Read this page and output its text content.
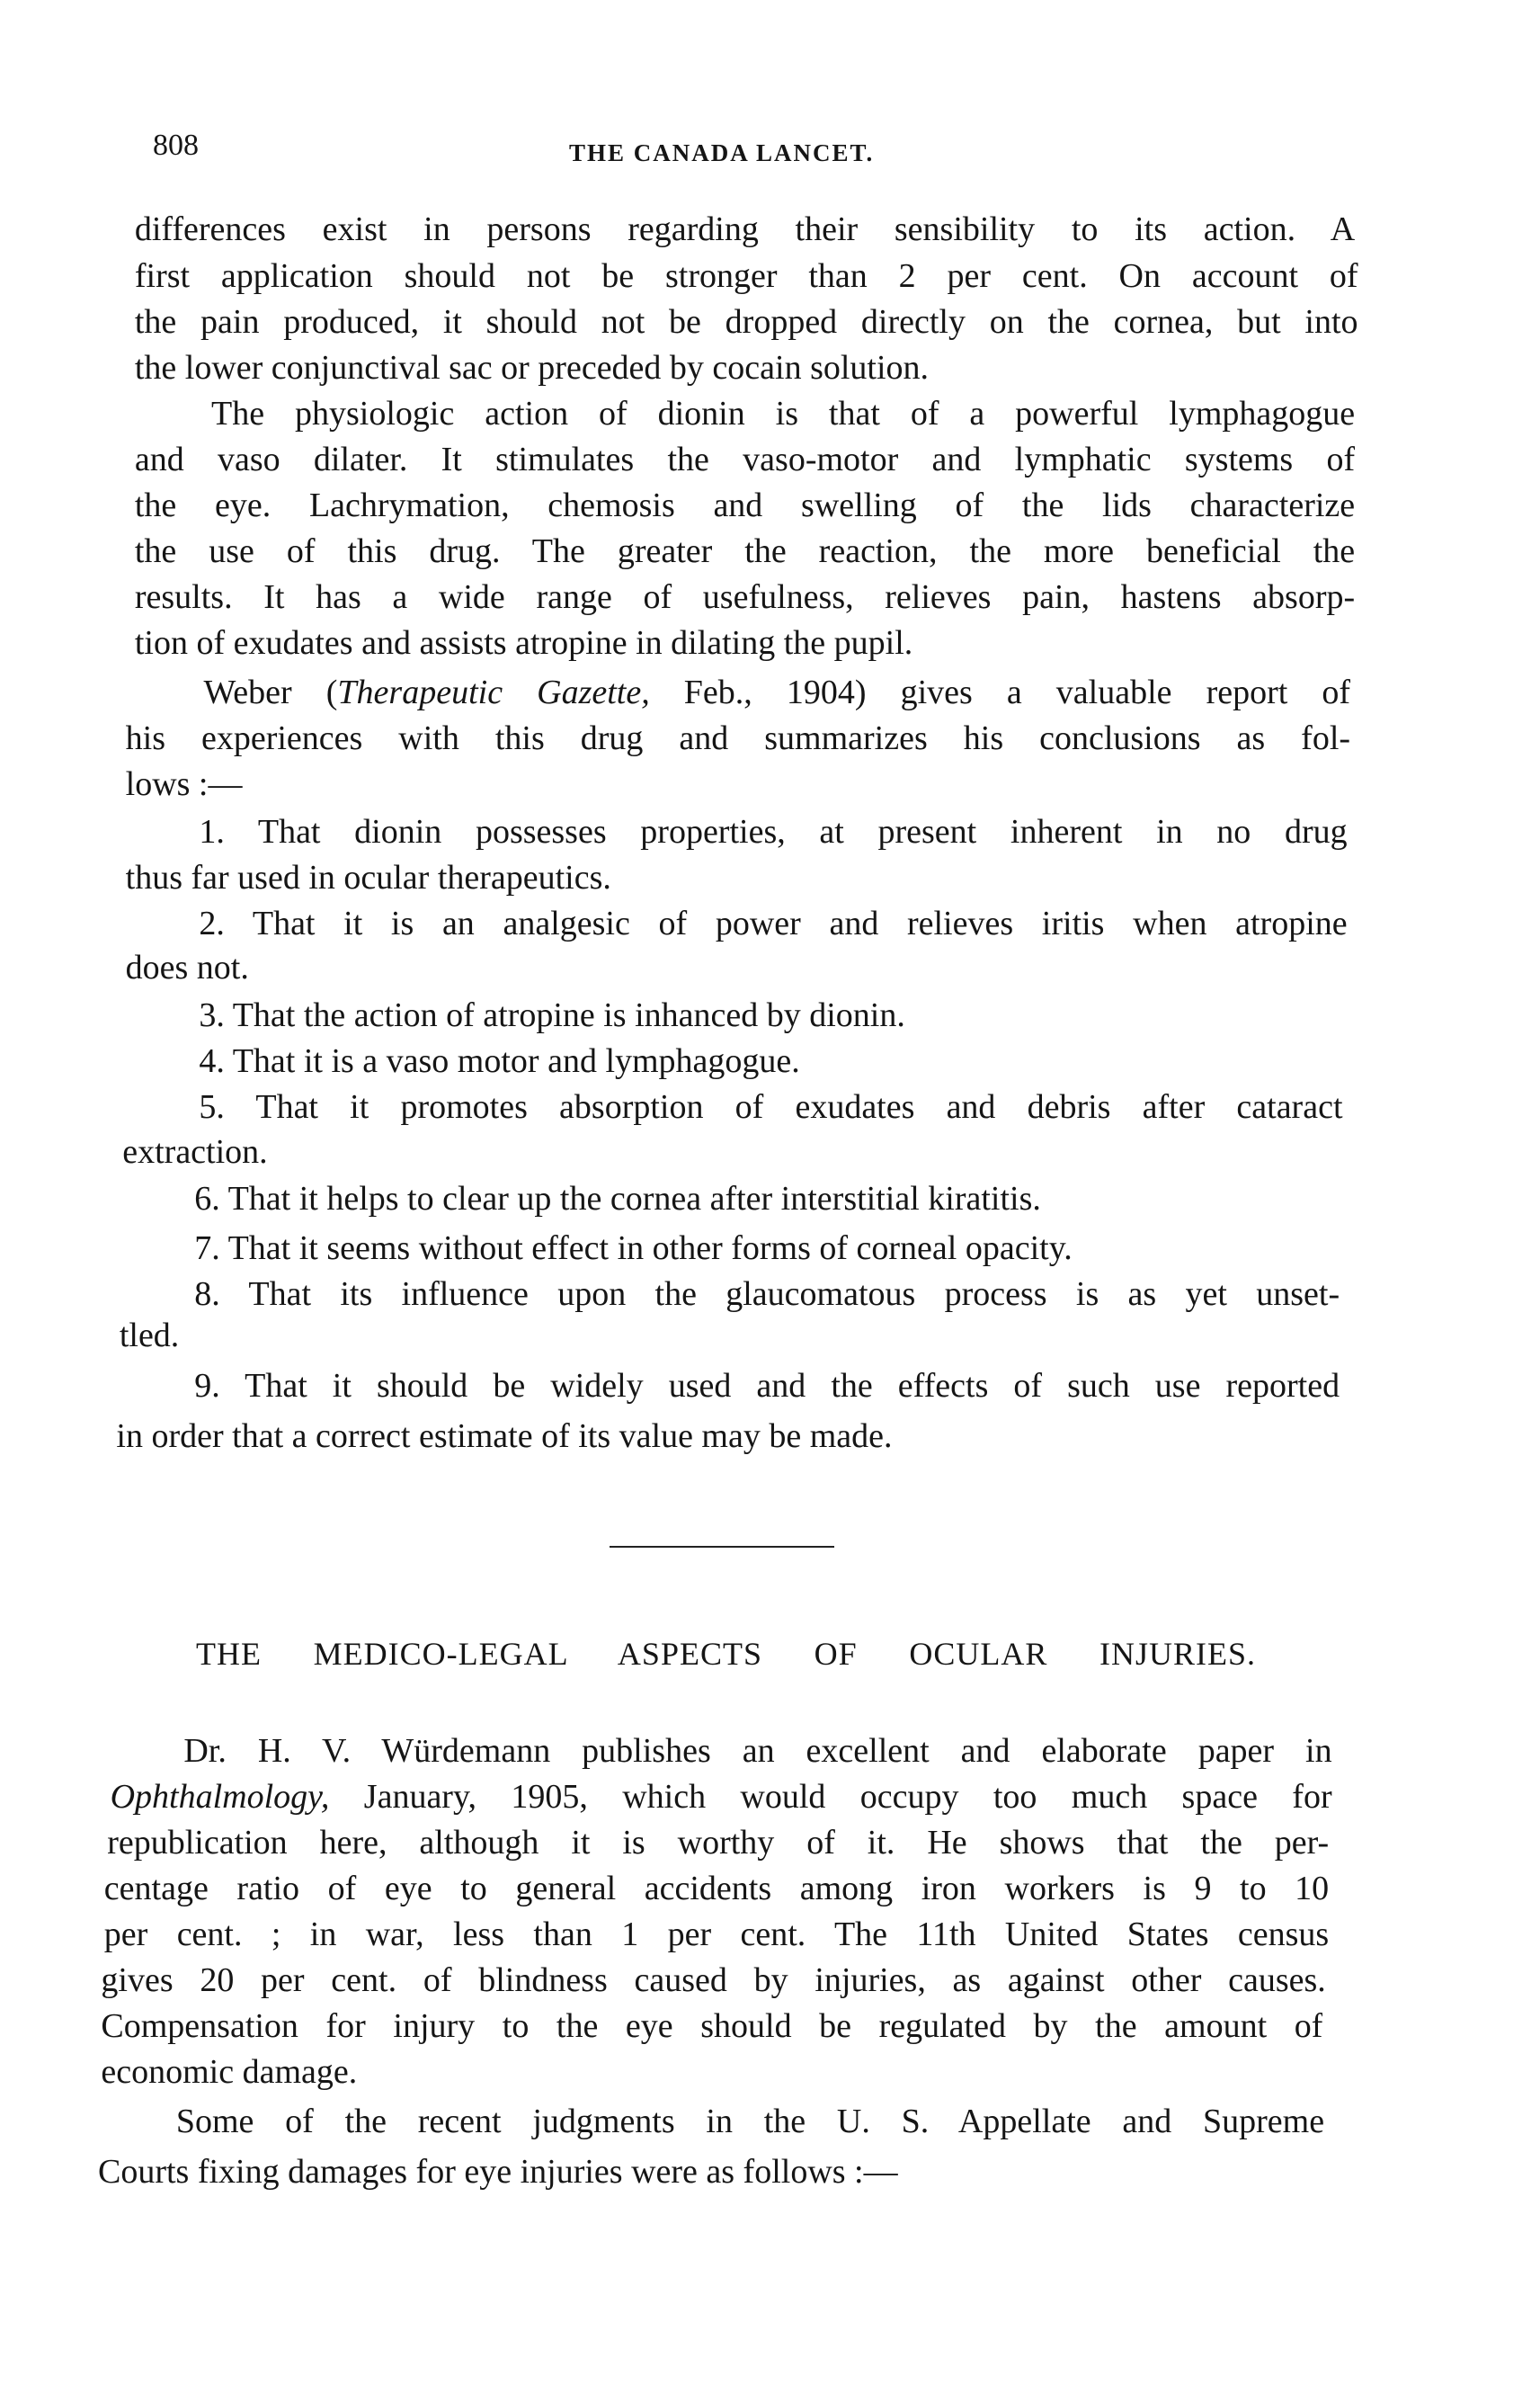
808	THE CANADA LANCET.
differences exist in persons regarding their sensibility to its action. A
first application should not be stronger than 2 per cent. On account of
the pain produced, it should not be dropped directly on the cornea, but into
the lower conjunctival sac or preceded by cocain solution.
The physiologic action of dionin is that of a powerful lymphagogue
and vaso dilater. It stimulates the vaso-motor and lymphatic systems of
the eye. Lachrymation, chemosis and swelling of the lids characterize
the use of this drug. The greater the reaction, the more beneficial the
results. It has a wide range of usefulness, relieves pain, hastens absorp-
tion of exudates and assists atropine in dilating the pupil.
Weber (Therapeutic Gazette, Feb., 1904) gives a valuable report of
his experiences with this drug and summarizes his conclusions as fol-
lows :—
1. That dionin possesses properties, at present inherent in no drug
thus far used in ocular therapeutics.
2. That it is an analgesic of power and relieves iritis when atropine
does not.
3. That the action of atropine is inhanced by dionin.
4. That it is a vaso motor and lymphagogue.
5. That it promotes absorption of exudates and debris after cataract
extraction.
6. That it helps to clear up the cornea after interstitial kiratitis.
7. That it seems without effect in other forms of corneal opacity.
8. That its influence upon the glaucomatous process is as yet unset-
tled.
9. That it should be widely used and the effects of such use reported
in order that a correct estimate of its value may be made.
THE MEDICO-LEGAL ASPECTS OF OCULAR INJURIES.
Dr. H. V. Würdemann publishes an excellent and elaborate paper in
Ophthalmology, January, 1905, which would occupy too much space for
republication here, although it is worthy of it. He shows that the per-
centage ratio of eye to general accidents among iron workers is 9 to 10
per cent. ; in war, less than 1 per cent. The 11th United States census
gives 20 per cent. of blindness caused by injuries, as against other causes.
Compensation for injury to the eye should be regulated by the amount of
economic damage.
Some of the recent judgments in the U. S. Appellate and Supreme
Courts fixing damages for eye injuries were as follows :—
